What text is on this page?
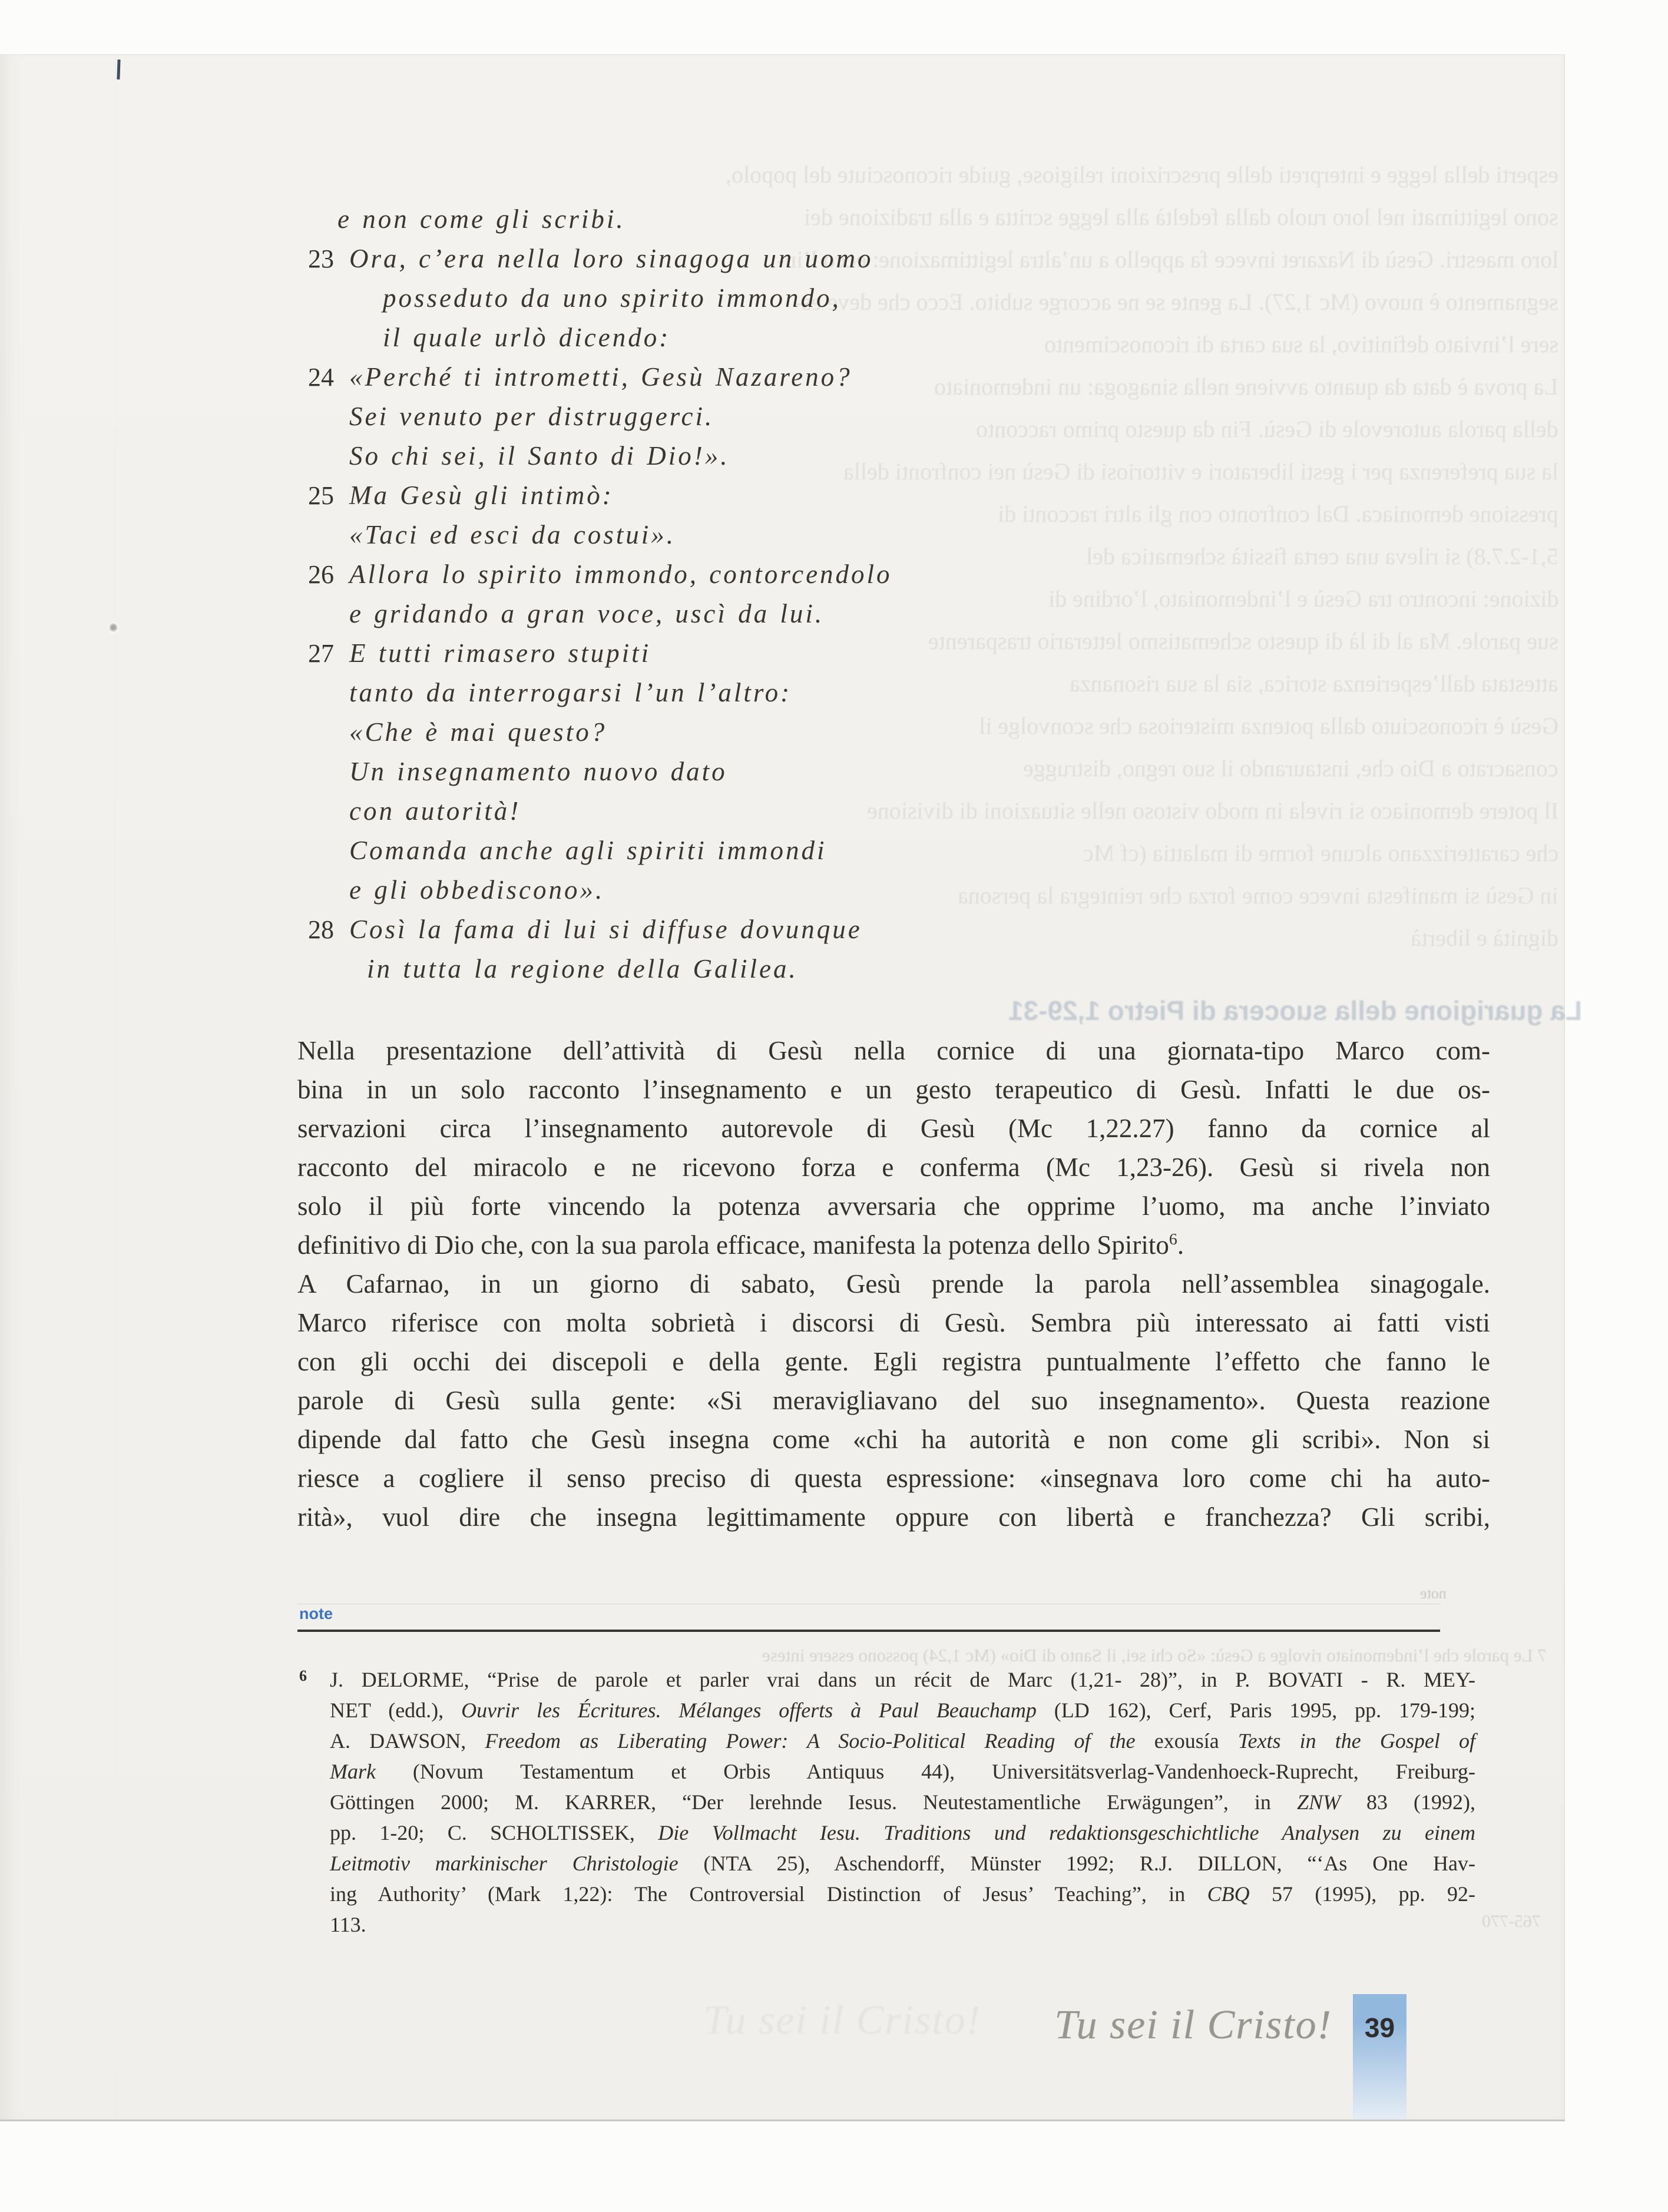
esperti della legge e interpreti delle prescrizioni religiose, guide riconosciute del popolo,
sono legittimati nel loro ruolo dalla fedeltà alla legge scritta e alla tradizione dei
loro maestri. Gesù di Nazaret invece fa appello a un’altra legittimazione: ecco l’in-
segnamento è nuovo (Mc 1,27). La gente se ne accorge subito. Ecco che deve es-
sere l’inviato definitivo, la sua carta di riconoscimento
La prova è data da quanto avviene nella sinagoga: un indemoniato
della parola autorevole di Gesù. Fin da questo primo racconto
la sua preferenza per i gesti liberatori e vittoriosi di Gesù nei confronti della
pressione demoniaca. Dal confronto con gli altri racconti di
5,1-2.7.8) si rileva una certa fissità schematica del
dizione: incontro tra Gesù e l’indemoniato, l’ordine di
sue parole. Ma al di là di questo schematismo letterario trasparente
attestata dall’esperienza storica, sia la sua risonanza
Gesù è riconosciuto dalla potenza misteriosa che sconvolge il
consacrato a Dio che, instaurando il suo regno, distrugge
Il potere demoniaco si rivela in modo vistoso nelle situazioni di divisione
che caratterizzano alcune forme di malattia (cf Mc
in Gesù si manifesta invece come forza che reintegra la persona
dignità e libertà
La guarigione della suocera di Pietro 1,29-31
note
7 Le parole che l’indemoniato rivolge a Gesù: «So chi sei, il Santo di Dio» (Mc 1,24) possono essere intese
765-770
e non come gli scribi.
23 Ora, c’era nella loro sinagoga un uomo
posseduto da uno spirito immondo,
il quale urlò dicendo:
24 «Perché ti intrometti, Gesù Nazareno?
Sei venuto per distruggerci.
So chi sei, il Santo di Dio!».
25 Ma Gesù gli intimò:
«Taci ed esci da costui».
26 Allora lo spirito immondo, contorcendolo
e gridando a gran voce, uscì da lui.
27 E tutti rimasero stupiti
tanto da interrogarsi l’un l’altro:
«Che è mai questo?
Un insegnamento nuovo dato
con autorità!
Comanda anche agli spiriti immondi
e gli obbediscono».
28 Così la fama di lui si diffuse dovunque
in tutta la regione della Galilea.
Nella presentazione dell’attività di Gesù nella cornice di una giornata-tipo Marco com-
bina in un solo racconto l’insegnamento e un gesto terapeutico di Gesù. Infatti le due os-
servazioni circa l’insegnamento autorevole di Gesù (Mc 1,22.27) fanno da cornice al
racconto del miracolo e ne ricevono forza e conferma (Mc 1,23-26). Gesù si rivela non
solo il più forte vincendo la potenza avversaria che opprime l’uomo, ma anche l’inviato
definitivo di Dio che, con la sua parola efficace, manifesta la potenza dello Spirito$^6$.
A Cafarnao, in un giorno di sabato, Gesù prende la parola nell’assemblea sinagogale.
Marco riferisce con molta sobrietà i discorsi di Gesù. Sembra più interessato ai fatti visti
con gli occhi dei discepoli e della gente. Egli registra puntualmente l’effetto che fanno le
parole di Gesù sulla gente: «Si meravigliavano del suo insegnamento». Questa reazione
dipende dal fatto che Gesù insegna come «chi ha autorità e non come gli scribi». Non si
riesce a cogliere il senso preciso di questa espressione: «insegnava loro come chi ha auto-
rità», vuol dire che insegna legittimamente oppure con libertà e franchezza? Gli scribi,
note
6 J. DELORME, “Prise de parole et parler vrai dans un récit de Marc (1,21- 28)”, in P. BOVATI - R. MEY-
NET (edd.), Ouvrir les Écritures. Mélanges offerts à Paul Beauchamp (LD 162), Cerf, Paris 1995, pp. 179-199;
A. DAWSON, Freedom as Liberating Power: A Socio-Political Reading of the exousía Texts in the Gospel of
Mark (Novum Testamentum et Orbis Antiquus 44), Universitätsverlag-Vandenhoeck-Ruprecht, Freiburg-
Göttingen 2000; M. KARRER, “Der lerehnde Iesus. Neutestamentliche Erwägungen”, in ZNW 83 (1992),
pp. 1-20; C. SCHOLTISSEK, Die Vollmacht Iesu. Traditions und redaktionsgeschichtliche Analysen zu einem
Leitmotiv markinischer Christologie (NTA 25), Aschendorff, Münster 1992; R.J. DILLON, “‘As One Hav-
ing Authority’ (Mark 1,22): The Controversial Distinction of Jesus’ Teaching”, in CBQ 57 (1995), pp. 92-
113.
Tu sei il Cristo! Tu sei il Cristo!	39
